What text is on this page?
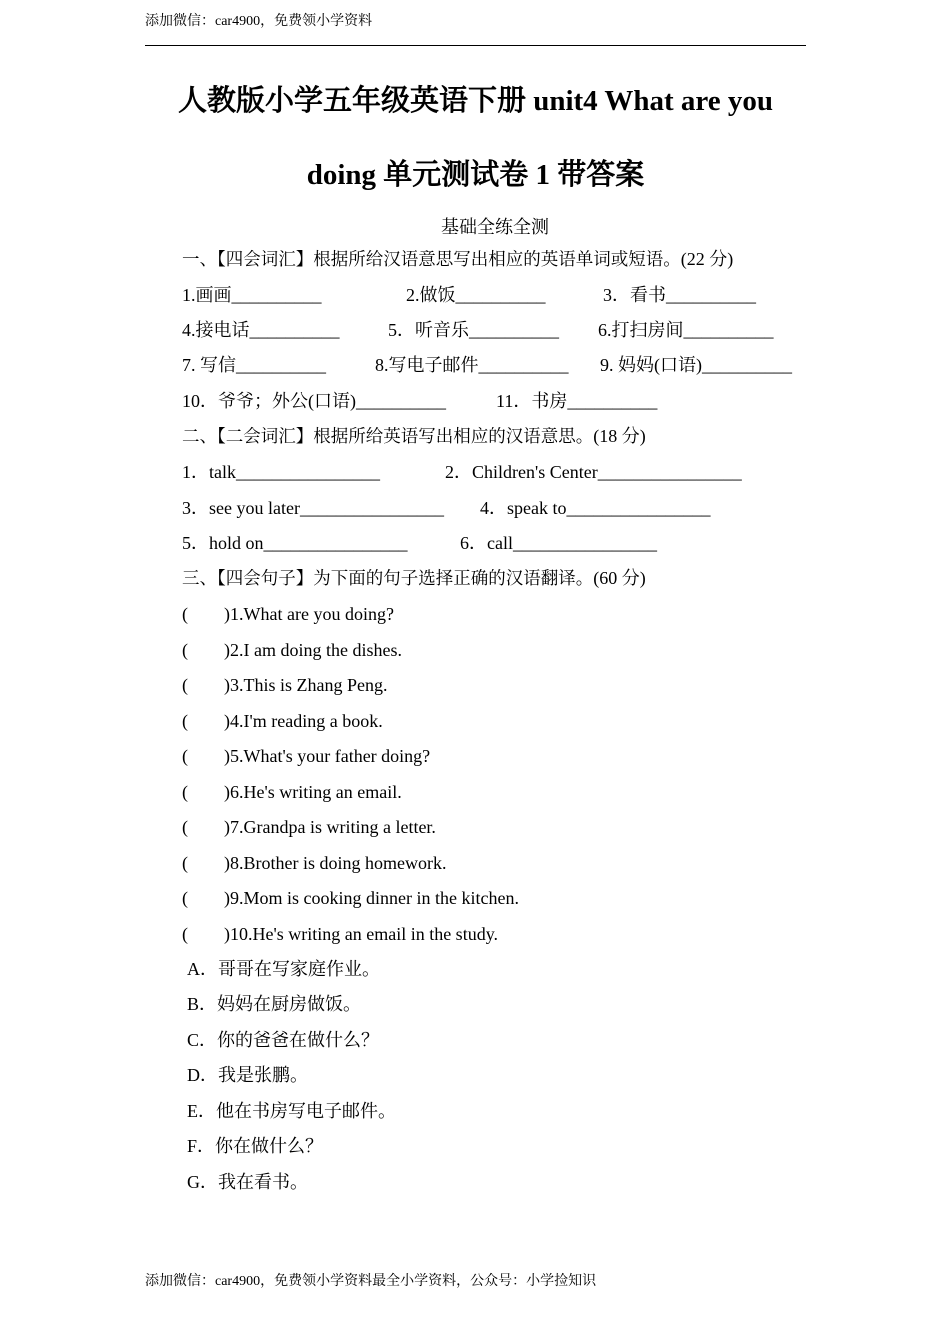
添加微信：car4900，免费领小学资料
人教版小学五年级英语下册 unit4 What are you
doing 单元测试卷 1 带答案
基础全练全测
一、【四会词汇】根据所给汉语意思写出相应的英语单词或短语。(22 分)
1.画画__________	2.做饭__________	3．看书__________
4.接电话__________	5．听音乐__________ 6.打扫房间__________
7. 写信__________	8.写电子邮件__________ 9. 妈妈(口语)__________
10．爷爷；外公(口语)__________	11．书房__________
二、【二会词汇】根据所给英语写出相应的汉语意思。(18 分)
1．talk________________	2．Children's Center________________
3．see you later________________ 4．speak to________________
5．hold on________________	6．call________________
三、【四会句子】为下面的句子选择正确的汉语翻译。(60 分)
(        )1.What are you doing?
(        )2.I am doing the dishes.
(        )3.This is Zhang Peng.
(        )4.I'm reading a book.
(        )5.What's your father doing?
(        )6.He's writing an email.
(        )7.Grandpa is writing a letter.
(        )8.Brother is doing homework.
(        )9.Mom is cooking dinner in the kitchen.
(        )10.He's writing an email in the study.
A．哥哥在写家庭作业。
B．妈妈在厨房做饭。
C．你的爸爸在做什么？
D．我是张鹏。
E．他在书房写电子邮件。
F．你在做什么？
G．我在看书。
添加微信：car4900，免费领小学资料最全小学资料，公众号：小学捡知识
